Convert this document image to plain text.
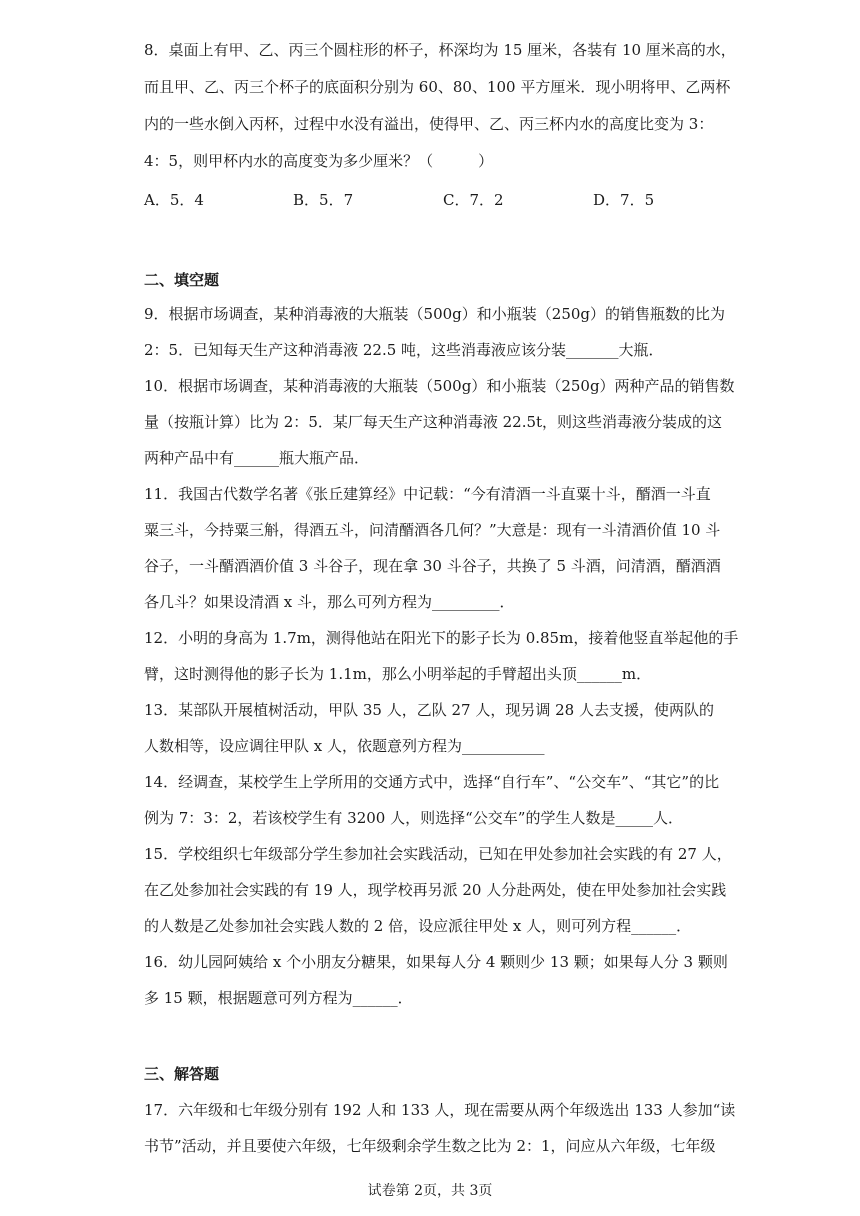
8．桌面上有甲、乙、丙三个圆柱形的杯子，杯深均为 15 厘米，各装有 10 厘米高的水，
而且甲、乙、丙三个杯子的底面积分别为 60、80、100 平方厘米．现小明将甲、乙两杯
内的一些水倒入丙杯，过程中水没有溢出，使得甲、乙、丙三杯内水的高度比变为 3：
4：5，则甲杯内水的高度变为多少厘米？（　　　）
A．5．4	B．5．7	C．7．2	D．7．5
二、填空题
9．根据市场调查，某种消毒液的大瓶装（500g）和小瓶装（250g）的销售瓶数的比为
2：5．已知每天生产这种消毒液 22.5 吨，这些消毒液应该分装_______大瓶．
10．根据市场调查，某种消毒液的大瓶装（500g）和小瓶装（250g）两种产品的销售数
量（按瓶计算）比为 2：5．某厂每天生产这种消毒液 22.5t，则这些消毒液分装成的这
两种产品中有______瓶大瓶产品．
11．我国古代数学名著《张丘建算经》中记载：“今有清酒一斗直粟十斗，醑酒一斗直
粟三斗，今持粟三斛，得酒五斗，问清醑酒各几何？”大意是：现有一斗清酒价值 10 斗
谷子，一斗醑酒酒价值 3 斗谷子，现在拿 30 斗谷子，共换了 5 斗酒，问清酒，醑酒酒
各几斗？如果设清酒 x 斗，那么可列方程为_________．
12．小明的身高为 1.7m，测得他站在阳光下的影子长为 0.85m，接着他竖直举起他的手
臂，这时测得他的影子长为 1.1m，那么小明举起的手臂超出头顶______m．
13．某部队开展植树活动，甲队 35 人，乙队 27 人，现另调 28 人去支援，使两队的
人数相等，设应调往甲队 x 人，依题意列方程为___________
14．经调查，某校学生上学所用的交通方式中，选择“自行车”、“公交车”、“其它”的比
例为 7：3：2，若该校学生有 3200 人，则选择“公交车”的学生人数是_____人．
15．学校组织七年级部分学生参加社会实践活动，已知在甲处参加社会实践的有 27 人，
在乙处参加社会实践的有 19 人，现学校再另派 20 人分赴两处，使在甲处参加社会实践
的人数是乙处参加社会实践人数的 2 倍，设应派往甲处 x 人，则可列方程______．
16．幼儿园阿姨给 x 个小朋友分糖果，如果每人分 4 颗则少 13 颗；如果每人分 3 颗则
多 15 颗，根据题意可列方程为______．
三、解答题
17．六年级和七年级分别有 192 人和 133 人，现在需要从两个年级选出 133 人参加“读
书节”活动，并且要使六年级，七年级剩余学生数之比为 2：1，问应从六年级，七年级
试卷第 2页，共 3页
